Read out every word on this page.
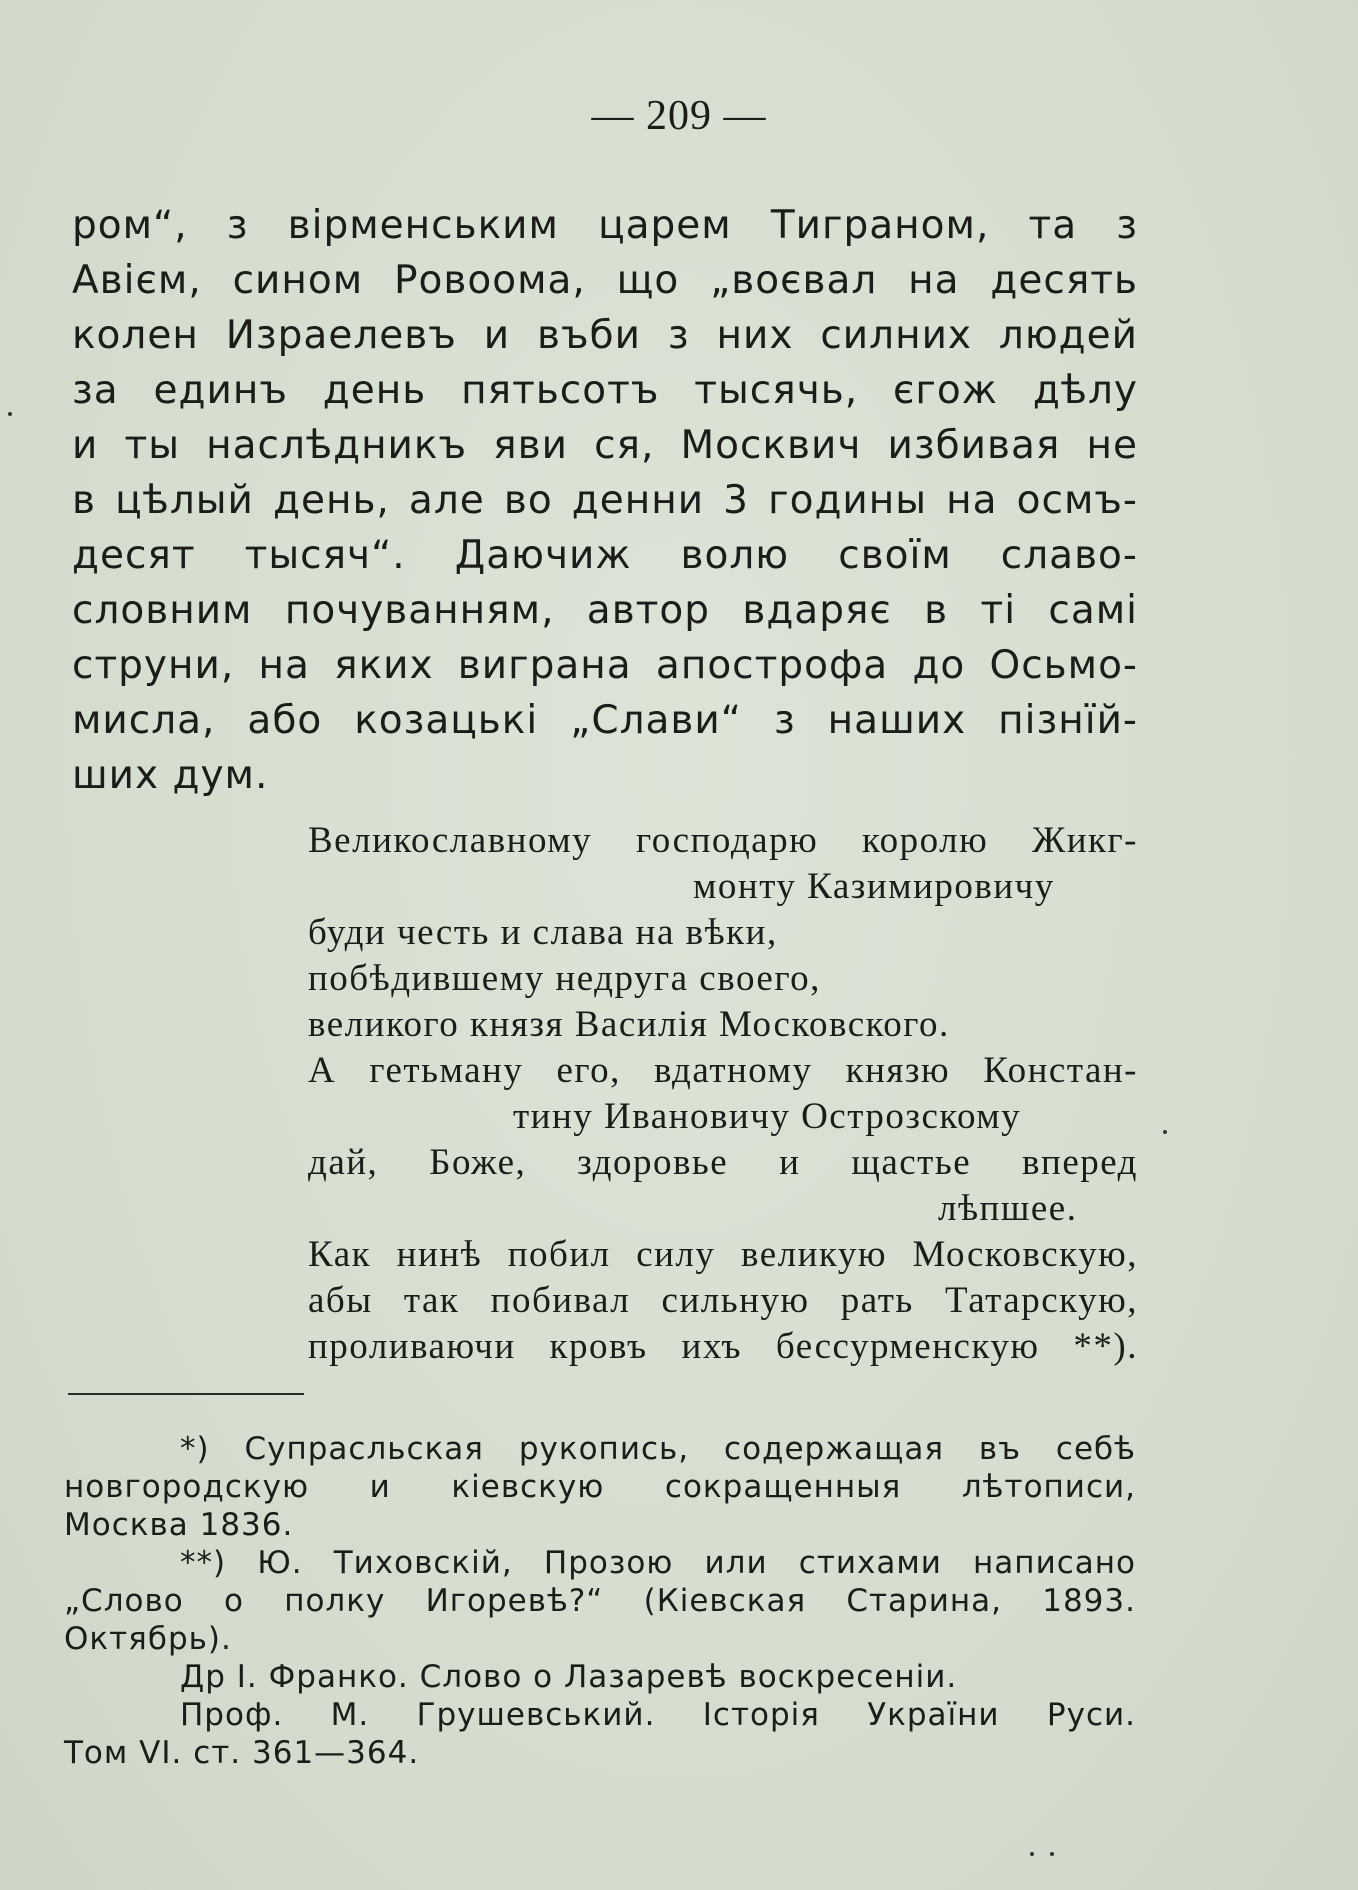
— 209 —
ром“, з вірменським царем Тиграном, та з
Авієм, сином Ровоома, що „воєвал на десять
колен Израелевъ и въби з них силних людей
за единъ день пятьсотъ тысячь, єгож дѣлу
и ты наслѣдникъ яви ся, Москвич избивая не
в цѣлый день, але во денни 3 годины на осмъ-
десят тысяч“. Даючиж волю своїм славо-
словним почуванням, автор вдаряє в ті самі
струни, на яких виграна апострофа до Осьмо-
мисла, або козацькі „Слави“ з наших пізнїй-
ших дум.
Великославному господарю королю Жикг-
монту Казимировичу
буди честь и слава на вѣки,
побѣдившему недруга своего,
великого князя Василія Московского.
А гетьману его, вдатному князю Констан-
тину Ивановичу Острозскому
дай, Боже, здоровье и щастье вперед
лѣпшее.
Как нинѣ побил силу великую Московскую,
абы так побивал сильную рать Татарскую,
проливаючи кровъ ихъ бессурменскую **).
*) Супрасльская рукопись, содержащая въ себѣ
новгородскую и кіевскую сокращенныя лѣтописи,
Москва 1836.
**) Ю. Тиховскій, Прозою или стихами написано
„Слово о полку Игоревѣ?“ (Кіевская Старина, 1893.
Октябрь).
Др І. Франко. Слово о Лазаревѣ воскресеніи.
Проф. М. Грушевський. Історія України Руси.
Том VI. ст. 361—364.
